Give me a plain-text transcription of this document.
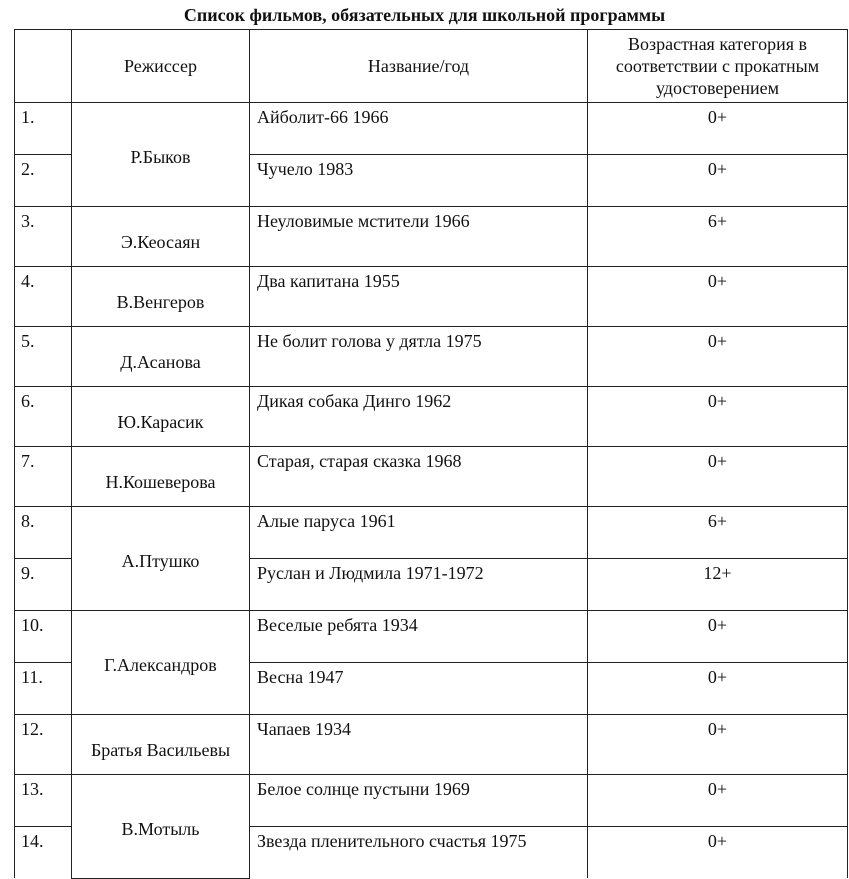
Список фильмов, обязательных для школьной программы
	Режиссер	Название/год	Возрастная категория в соответствии с прокатным удостоверением
1.	Р.Быков	Айболит-66 1966	0+
2.		Чучело 1983	0+
3.	Э.Кеосаян	Неуловимые мстители 1966	6+
4.	В.Венгеров	Два капитана 1955	0+
5.	Д.Асанова	Не болит голова у дятла 1975	0+
6.	Ю.Карасик	Дикая собака Динго 1962	0+
7.	Н.Кошеверова	Старая, старая сказка 1968	0+
8.	А.Птушко	Алые паруса 1961	6+
9.		Руслан и Людмила 1971-1972	12+
10.	Г.Александров	Веселые ребята 1934	0+
11.		Весна 1947	0+
12.	Братья Васильевы	Чапаев 1934	0+
13.	В.Мотыль	Белое солнце пустыни 1969	0+
14.		Звезда пленительного счастья 1975	0+
